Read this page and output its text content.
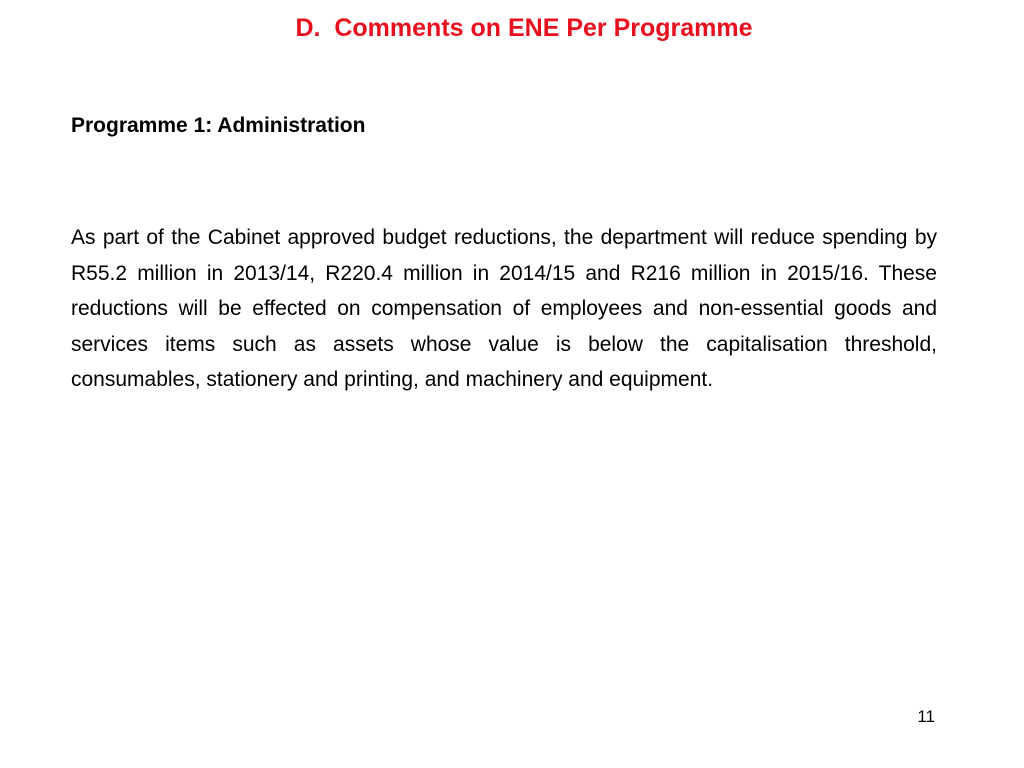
D.  Comments on ENE Per Programme
Programme 1: Administration

As part of the Cabinet approved budget reductions, the department will reduce spending by R55.2 million in 2013/14, R220.4 million in 2014/15 and R216 million in 2015/16. These reductions will be effected on compensation of employees and non-essential goods and services items such as assets whose value is below the capitalisation threshold, consumables, stationery and printing, and machinery and equipment.

11
